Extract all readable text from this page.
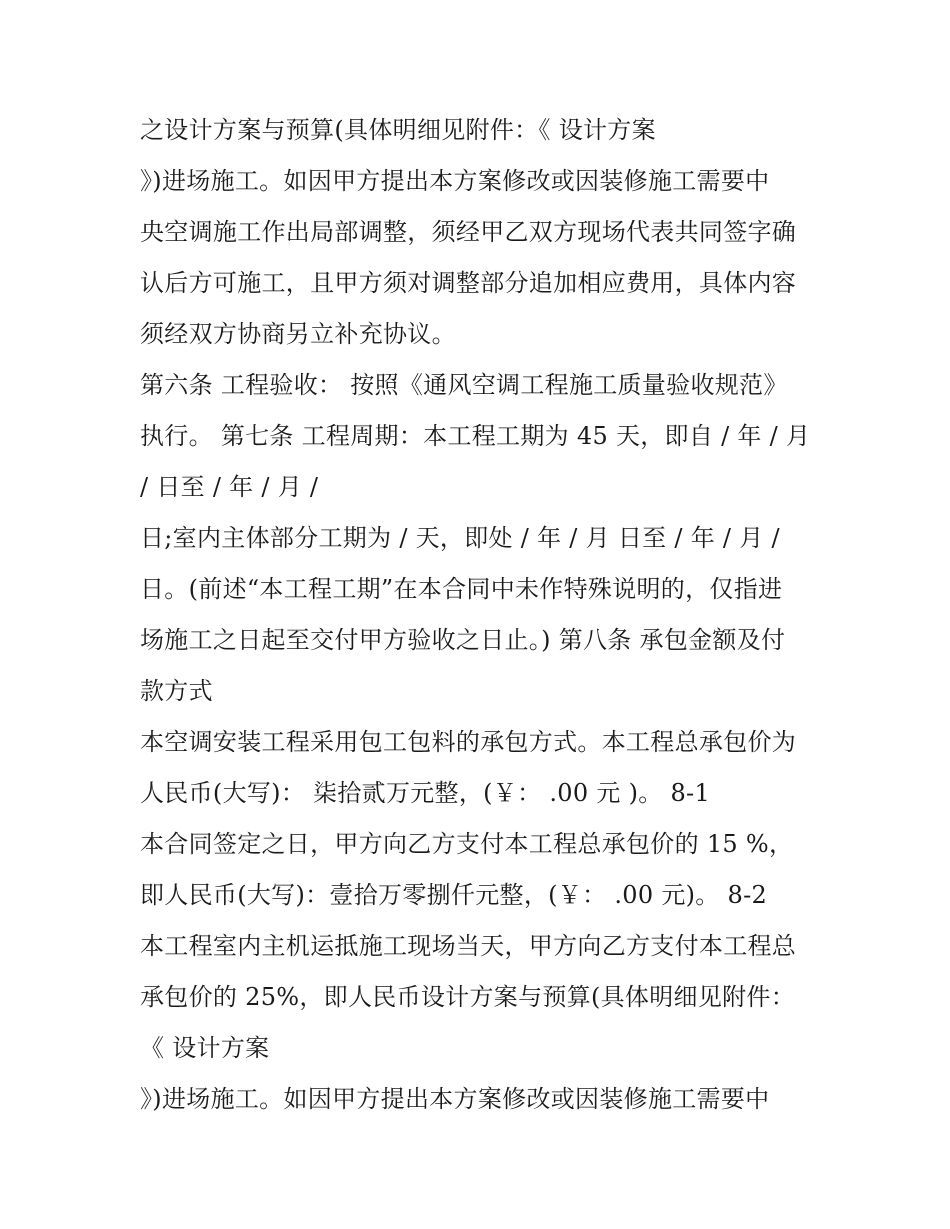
之设计方案与预算(具体明细见附件：《 设计方案
》)进场施工。如因甲方提出本方案修改或因装修施工需要中
央空调施工作出局部调整，须经甲乙双方现场代表共同签字确
认后方可施工，且甲方须对调整部分追加相应费用，具体内容
须经双方协商另立补充协议。
第六条 工程验收： 按照《通风空调工程施工质量验收规范》
执行。 第七条 工程周期：本工程工期为 45 天，即自 / 年 / 月
/ 日至 / 年 / 月 /
日;室内主体部分工期为 / 天，即处 / 年 / 月 日至 / 年 / 月 /
日。(前述“本工程工期”在本合同中未作特殊说明的，仅指进
场施工之日起至交付甲方验收之日止。) 第八条 承包金额及付
款方式
本空调安装工程采用包工包料的承包方式。本工程总承包价为
人民币(大写)： 柒拾贰万元整，(￥： .00 元 )。 8-1
本合同签定之日，甲方向乙方支付本工程总承包价的 15 %，
即人民币(大写)：壹拾万零捌仟元整，(￥： .00 元)。 8-2
本工程室内主机运抵施工现场当天，甲方向乙方支付本工程总
承包价的 25%，即人民币设计方案与预算(具体明细见附件：
《 设计方案
》)进场施工。如因甲方提出本方案修改或因装修施工需要中
